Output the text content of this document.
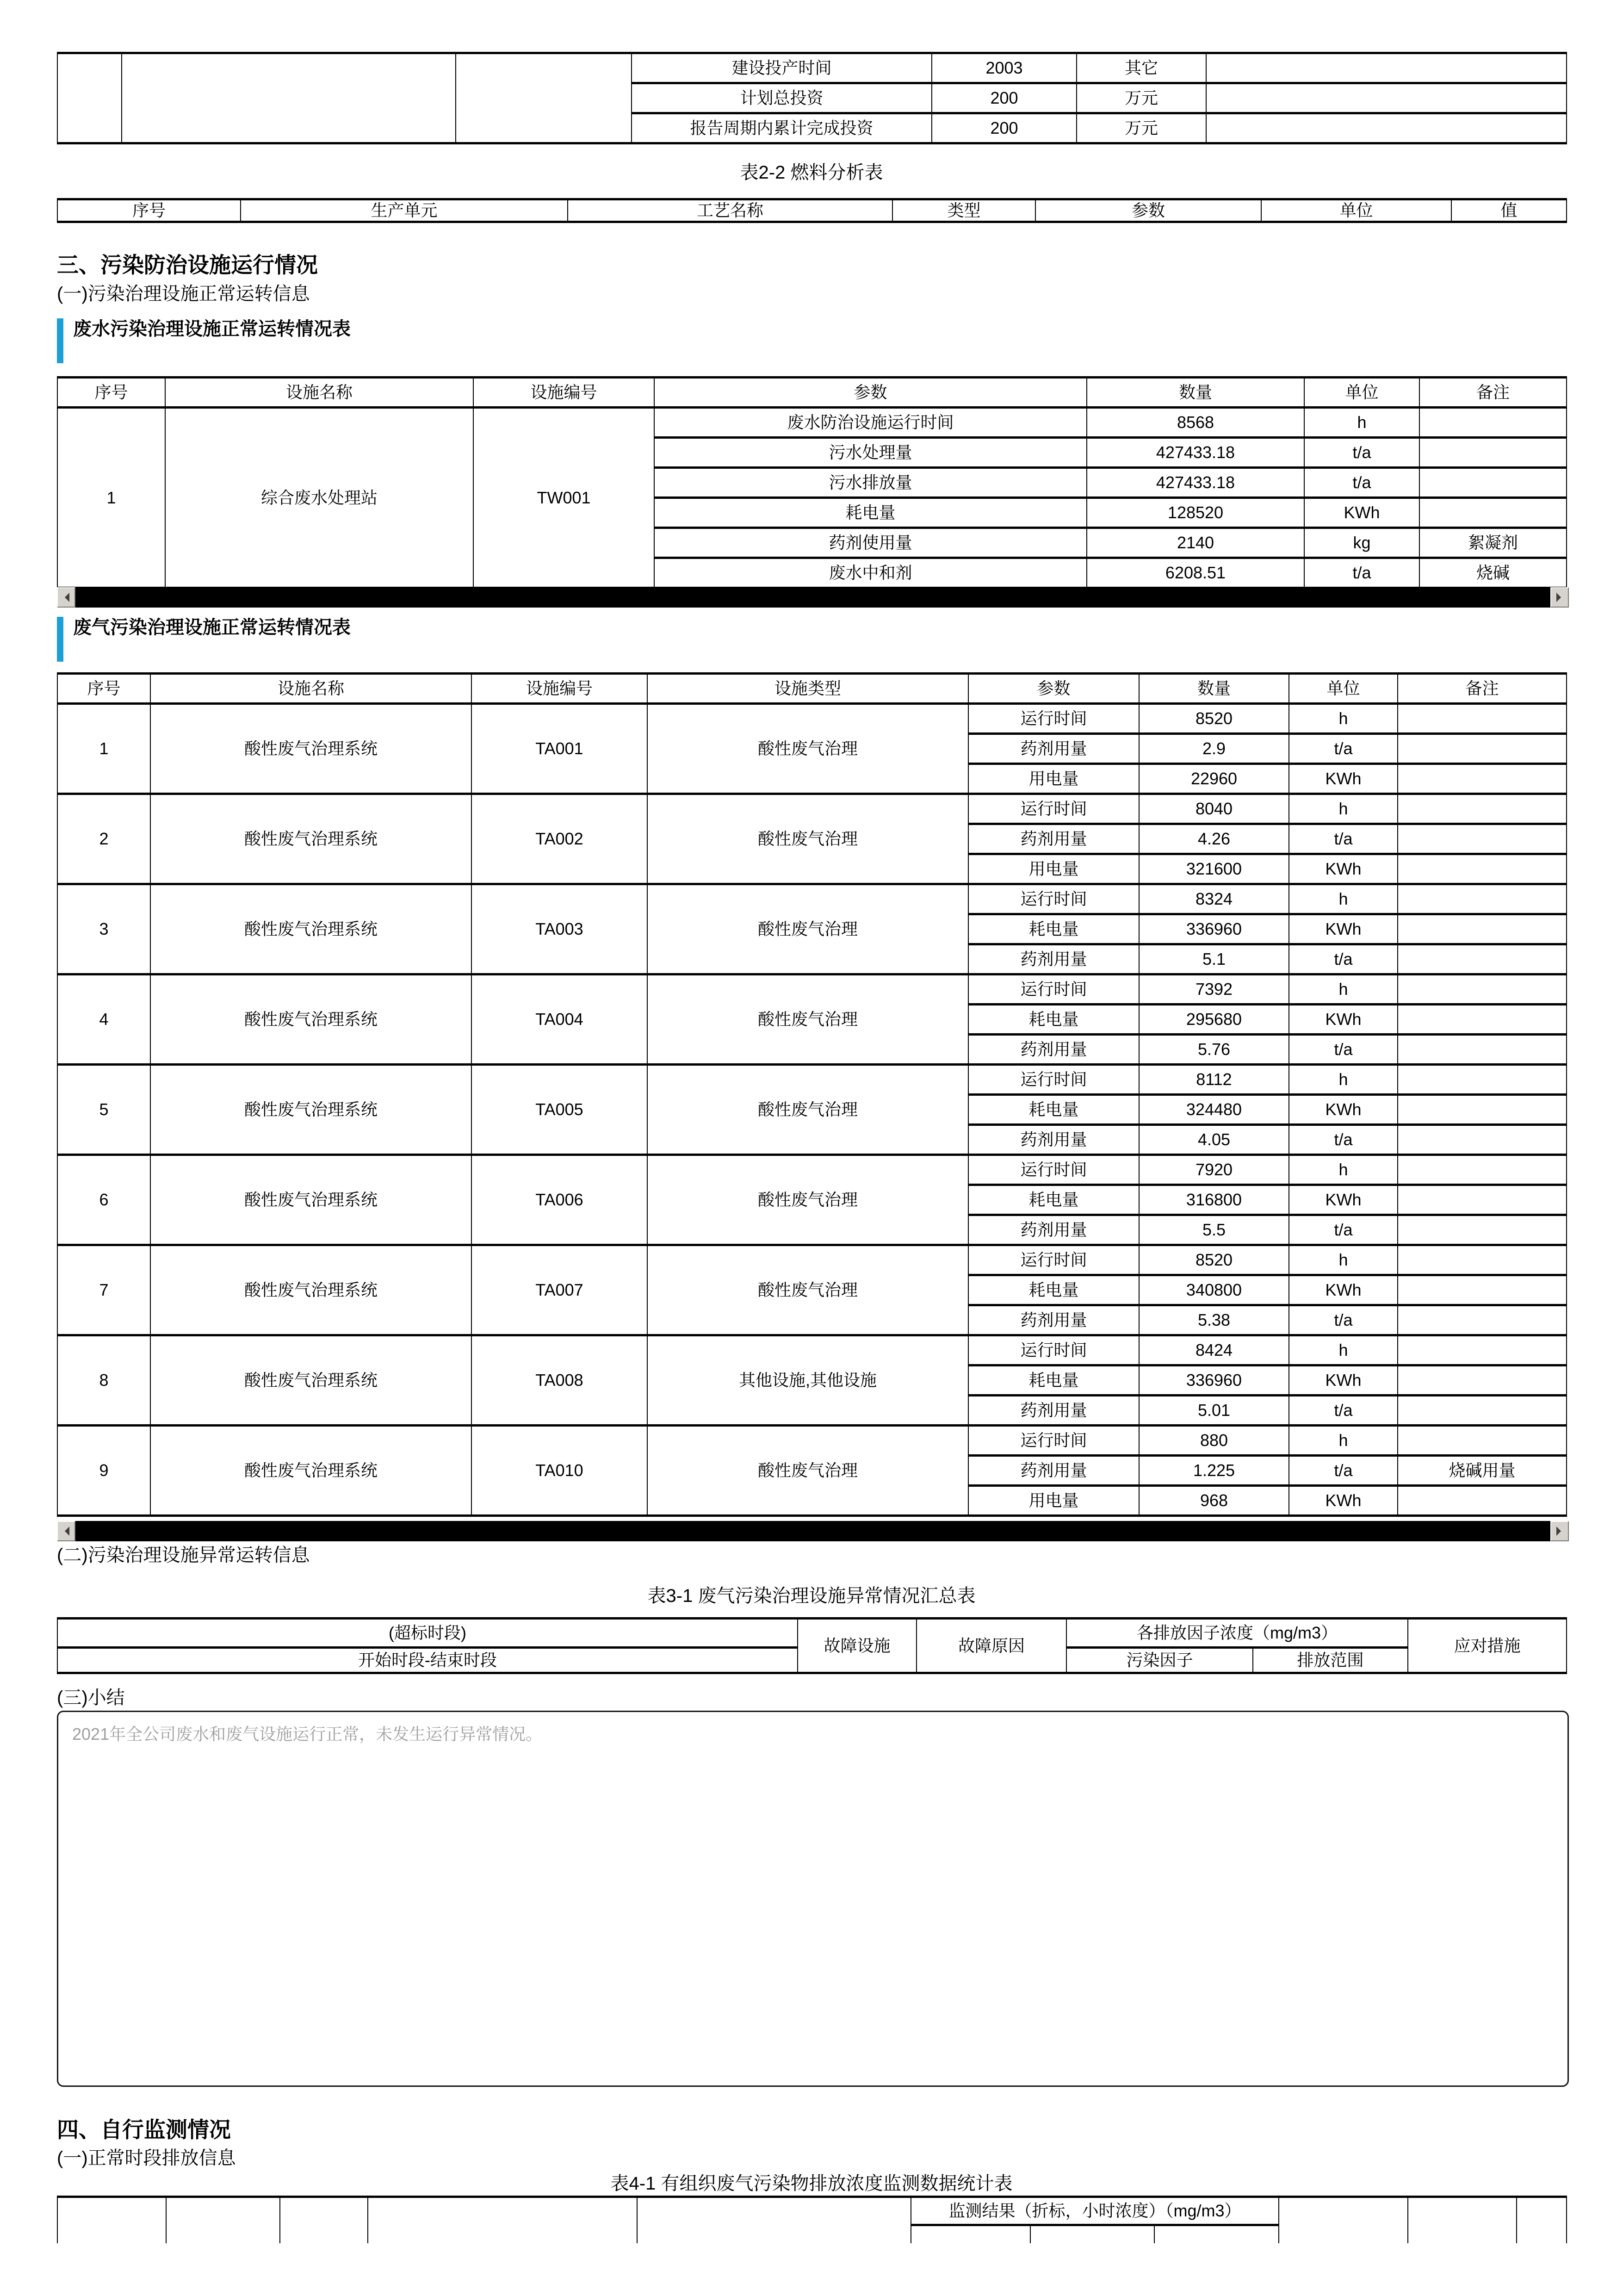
			建设投产时间	2003	其它	
			计划总投资	200	万元	
			报告周期内累计完成投资	200	万元	
表2-2 燃料分析表
序号	生产单元	工艺名称	类型	参数	单位	值
三、污染防治设施运行情况
(一)污染治理设施正常运转信息
废水污染治理设施正常运转情况表
序号	设施名称	设施编号	参数	数量	单位	备注
1	综合废水处理站	TW001	废水防治设施运行时间	8568	h	
			污水处理量	427433.18	t/a	
			污水排放量	427433.18	t/a	
			耗电量	128520	KWh	
			药剂使用量	2140	kg	絮凝剂
			废水中和剂	6208.51	t/a	烧碱
废气污染治理设施正常运转情况表
序号	设施名称	设施编号	设施类型	参数	数量	单位	备注
1	酸性废气治理系统	TA001	酸性废气治理	运行时间	8520	h	
				药剂用量	2.9	t/a	
				用电量	22960	KWh	
2	酸性废气治理系统	TA002	酸性废气治理	运行时间	8040	h	
				药剂用量	4.26	t/a	
				用电量	321600	KWh	
3	酸性废气治理系统	TA003	酸性废气治理	运行时间	8324	h	
				耗电量	336960	KWh	
				药剂用量	5.1	t/a	
4	酸性废气治理系统	TA004	酸性废气治理	运行时间	7392	h	
				耗电量	295680	KWh	
				药剂用量	5.76	t/a	
5	酸性废气治理系统	TA005	酸性废气治理	运行时间	8112	h	
				耗电量	324480	KWh	
				药剂用量	4.05	t/a	
6	酸性废气治理系统	TA006	酸性废气治理	运行时间	7920	h	
				耗电量	316800	KWh	
				药剂用量	5.5	t/a	
7	酸性废气治理系统	TA007	酸性废气治理	运行时间	8520	h	
				耗电量	340800	KWh	
				药剂用量	5.38	t/a	
8	酸性废气治理系统	TA008	其他设施,其他设施	运行时间	8424	h	
				耗电量	336960	KWh	
				药剂用量	5.01	t/a	
9	酸性废气治理系统	TA010	酸性废气治理	运行时间	880	h	
				药剂用量	1.225	t/a	烧碱用量
				用电量	968	KWh	
(二)污染治理设施异常运转信息
表3-1 废气污染治理设施异常情况汇总表
(超标时段)	故障设施	故障原因	各排放因子浓度（mg/m3）		应对措施
开始时段-结束时段			污染因子	排放范围	
(三)小结
2021年全公司废水和废气设施运行正常，未发生运行异常情况。
四、自行监测情况
(一)正常时段排放信息
表4-1 有组织废气污染物排放浓度监测数据统计表
					监测结果（折标，小时浓度）（mg/m3）					
